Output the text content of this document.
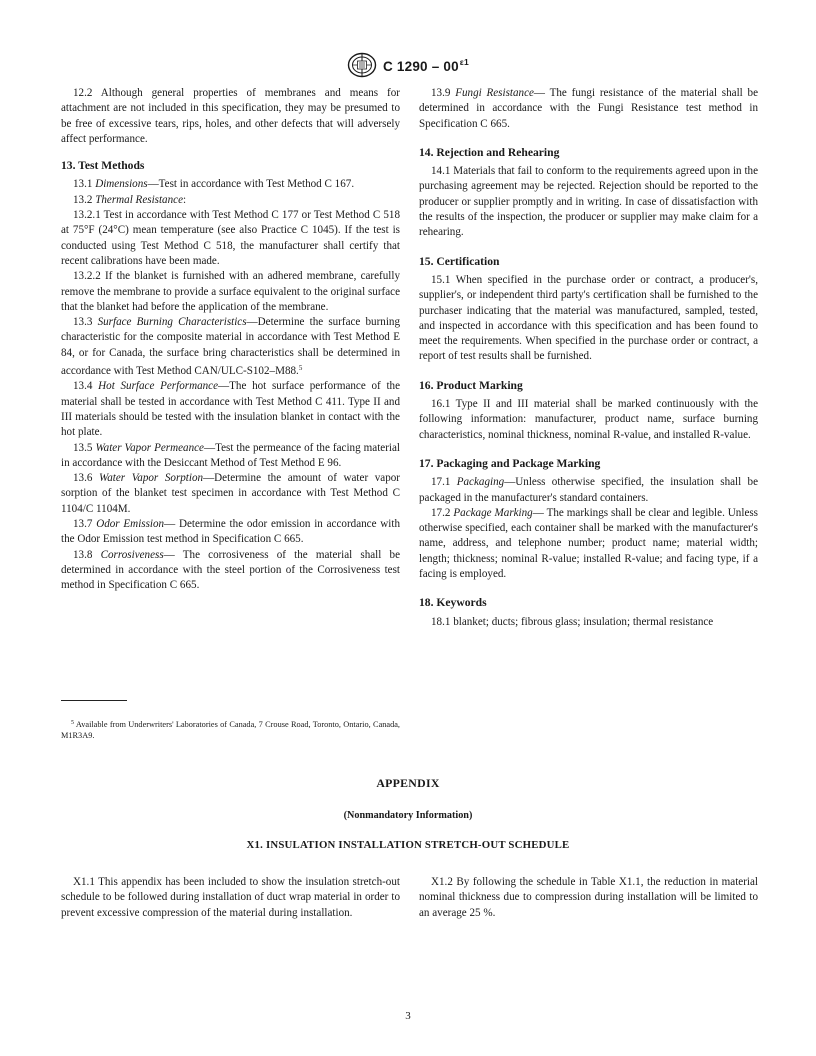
C $1290 - 00^{\varepsilon 1}$

12.2 Although general properties of membranes and means for attachment are not included in this specification, they may be presumed to be free of excessive tears, rips, holes, and other defects that will adversely affect performance.

13. Test Methods

13.1 Dimensions—Test in accordance with Test Method C 167.

13.2 Thermal Resistance:

13.2.1 Test in accordance with Test Method C 177 or Test Method C 518 at 75°F (24°C) mean temperature (see also Practice C 1045). If the test is conducted using Test Method C 518, the manufacturer shall certify that recent calibrations have been made.

13.2.2 If the blanket is furnished with an adhered membrane, carefully remove the membrane to provide a surface equivalent to the original surface that the blanket had before the application of the membrane.

13.3 Surface Burning Characteristics—Determine the surface burning characteristic for the composite material in accordance with Test Method E 84, or for Canada, the surface bring characteristics shall be determined in accordance with Test Method CAN/ULC-S102–M88.$^5$

13.4 Hot Surface Performance—The hot surface performance of the material shall be tested in accordance with Test Method C 411. Type II and III materials should be tested with the insulation blanket in contact with the hot plate.

13.5 Water Vapor Permeance—Test the permeance of the facing material in accordance with the Desiccant Method of Test Method E 96.

13.6 Water Vapor Sorption—Determine the amount of water vapor sorption of the blanket test specimen in accordance with Test Method C 1104/C 1104M.

13.7 Odor Emission— Determine the odor emission in accordance with the Odor Emission test method in Specification C 665.

13.8 Corrosiveness— The corrosiveness of the material shall be determined in accordance with the steel portion of the Corrosiveness test method in Specification C 665.

$^5$ Available from Underwriters' Laboratories of Canada, 7 Crouse Road, Toronto, Ontario, Canada, M1R3A9.

13.9 Fungi Resistance— The fungi resistance of the material shall be determined in accordance with the Fungi Resistance test method in Specification C 665.

14. Rejection and Rehearing

14.1 Materials that fail to conform to the requirements agreed upon in the purchasing agreement may be rejected. Rejection should be reported to the producer or supplier promptly and in writing. In case of dissatisfaction with the results of the inspection, the producer or supplier may make claim for a rehearing.

15. Certification

15.1 When specified in the purchase order or contract, a producer's, supplier's, or independent third party's certification shall be furnished to the purchaser indicating that the material was manufactured, sampled, tested, and inspected in accordance with this specification and has been found to meet the requirements. When specified in the purchase order or contract, a report of test results shall be furnished.

16. Product Marking

16.1 Type II and III material shall be marked continuously with the following information: manufacturer, product name, surface burning characteristics, nominal thickness, nominal R-value, and installed R-value.

17. Packaging and Package Marking

17.1 Packaging—Unless otherwise specified, the insulation shall be packaged in the manufacturer's standard containers.

17.2 Package Marking— The markings shall be clear and legible. Unless otherwise specified, each container shall be marked with the manufacturer's name, address, and telephone number; product name; material width; length; thickness; nominal R-value; installed R-value; and facing type, if a facing is employed.

18. Keywords

18.1 blanket; ducts; fibrous glass; insulation; thermal resistance

APPENDIX
(Nonmandatory Information)
X1. INSULATION INSTALLATION STRETCH-OUT SCHEDULE

X1.1 This appendix has been included to show the insulation stretch-out schedule to be followed during installation of duct wrap material in order to prevent excessive compression of the material during installation.

X1.2 By following the schedule in Table X1.1, the reduction in material nominal thickness due to compression during installation will be limited to an average 25 %.

3
